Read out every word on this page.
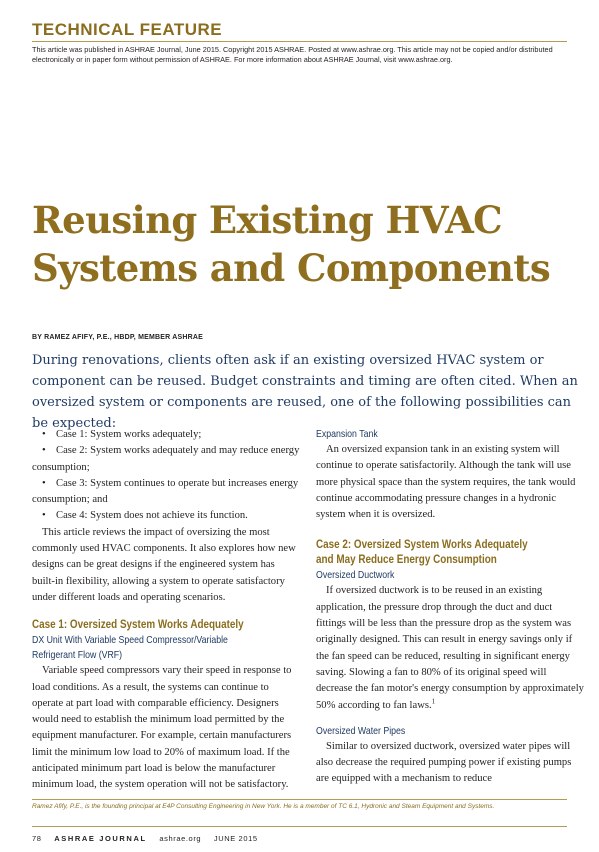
TECHNICAL FEATURE
This article was published in ASHRAE Journal, June 2015. Copyright 2015 ASHRAE. Posted at www.ashrae.org. This article may not be copied and/or distributed electronically or in paper form without permission of ASHRAE. For more information about ASHRAE Journal, visit www.ashrae.org.
Reusing Existing HVAC Systems and Components
BY RAMEZ AFIFY, P.E., HBDP, MEMBER ASHRAE

During renovations, clients often ask if an existing oversized HVAC system or component can be reused. Budget constraints and timing are often cited. When an oversized system or components are reused, one of the following possibilities can be expected:

• Case 1: System works adequately;
• Case 2: System works adequately and may reduce energy consumption;
• Case 3: System continues to operate but increases energy consumption; and
• Case 4: System does not achieve its function.

This article reviews the impact of oversizing the most commonly used HVAC components. It also explores how new designs can be great designs if the engineered system has built-in flexibility, allowing a system to operate satisfactory under different loads and operating scenarios.

Case 1: Oversized System Works Adequately
DX Unit With Variable Speed Compressor/Variable Refrigerant Flow (VRF)

Variable speed compressors vary their speed in response to load conditions. As a result, the systems can continue to operate at part load with comparable efficiency. Designers would need to establish the minimum load permitted by the equipment manufacturer. For example, certain manufacturers limit the minimum low load to 20% of maximum load. If the anticipated minimum part load is below the manufacturer minimum load, the system operation will not be satisfactory.

Expansion Tank

An oversized expansion tank in an existing system will continue to operate satisfactorily. Although the tank will use more physical space than the system requires, the tank would continue accommodating pressure changes in a hydronic system when it is oversized.

Case 2: Oversized System Works Adequately and May Reduce Energy Consumption
Oversized Ductwork

If oversized ductwork is to be reused in an existing application, the pressure drop through the duct and duct fittings will be less than the pressure drop as the system was originally designed. This can result in energy savings only if the fan speed can be reduced, resulting in significant energy saving. Slowing a fan to 80% of its original speed will decrease the fan motor's energy consumption by approximately 50% according to fan laws.$^1$

Oversized Water Pipes

Similar to oversized ductwork, oversized water pipes will also decrease the required pumping power if existing pumps are equipped with a mechanism to reduce

Ramez Afify, P.E., is the founding principal at E4P Consulting Engineering in New York. He is a member of TC 6.1, Hydronic and Steam Equipment and Systems.
78 ASHRAE JOURNAL ashrae.org JUNE 2015
